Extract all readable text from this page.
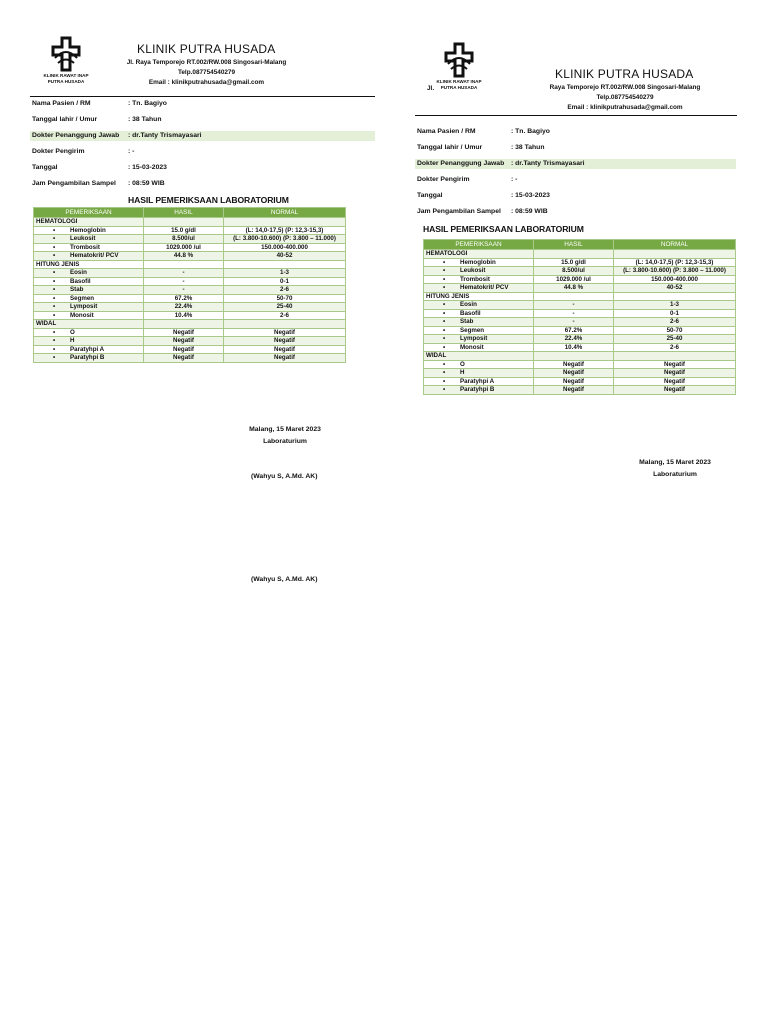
KLINIK RAWAT INAP
PUTRA HUSADA
KLINIK PUTRA HUSADA
Jl. Raya Temporejo RT.002/RW.008 Singosari-Malang
Telp.087754540279
Email : klinikputrahusada@gmail.com
Nama Pasien / RM	: Tn. Bagiyo
Tanggal lahir / Umur	: 38 Tahun
Dokter Penanggung Jawab : dr.Tanty Trismayasari
Dokter Pengirim	: -
Tanggal	: 15-03-2023
Jam Pengambilan Sampel : 08:59 WIB
HASIL PEMERIKSAAN LABORATORIUM
PEMERIKSAAN	HASIL	NORMAL
HEMATOLOGI		
• Hemoglobin	15.0 g/dl	(L: 14,0-17,5) (P: 12,3-15,3)
• Leukosit	8.500/ul	(L: 3.800-10.600) (P: 3.800 – 11.000)
• Trombosit	1029.000 /ul	150.000-400.000
• Hematokrit/ PCV	44.8 %	40-52
HITUNG JENIS		
• Eosin	-	1-3
• Basofil	-	0-1
• Stab	-	2-6
• Segmen	67.2%	50-70
• Lymposit	22.4%	25-40
• Monosit	10.4%	2-6
WIDAL		
• O	Negatif	Negatif
• H	Negatif	Negatif
• Paratyhpi A	Negatif	Negatif
• Paratyhpi B	Negatif	Negatif
Malang, 15 Maret 2023
Laboraturium
(Wahyu S, A.Md. AK)
(Wahyu S, A.Md. AK)
KLINIK RAWAT INAP
PUTRA HUSADA
Jl.
KLINIK PUTRA HUSADA
Raya Temporejo RT.002/RW.008 Singosari-Malang
Telp.087754540279
Email : klinikputrahusada@gmail.com
Nama Pasien / RM	: Tn. Bagiyo
Tanggal lahir / Umur	: 38 Tahun
Dokter Penanggung Jawab : dr.Tanty Trismayasari
Dokter Pengirim	: -
Tanggal	: 15-03-2023
Jam Pengambilan Sampel : 08:59 WIB
HASIL PEMERIKSAAN LABORATORIUM
PEMERIKSAAN	HASIL	NORMAL
HEMATOLOGI		
• Hemoglobin	15.0 g/dl	(L: 14,0-17,5) (P: 12,3-15,3)
• Leukosit	8.500/ul	(L: 3.800-10.600) (P: 3.800 – 11.000)
• Trombosit	1029.000 /ul	150.000-400.000
• Hematokrit/ PCV	44.8 %	40-52
HITUNG JENIS		
• Eosin	-	1-3
• Basofil	-	0-1
• Stab	-	2-6
• Segmen	67.2%	50-70
• Lymposit	22.4%	25-40
• Monosit	10.4%	2-6
WIDAL		
• O	Negatif	Negatif
• H	Negatif	Negatif
• Paratyhpi A	Negatif	Negatif
• Paratyhpi B	Negatif	Negatif
Malang, 15 Maret 2023
Laboraturium
